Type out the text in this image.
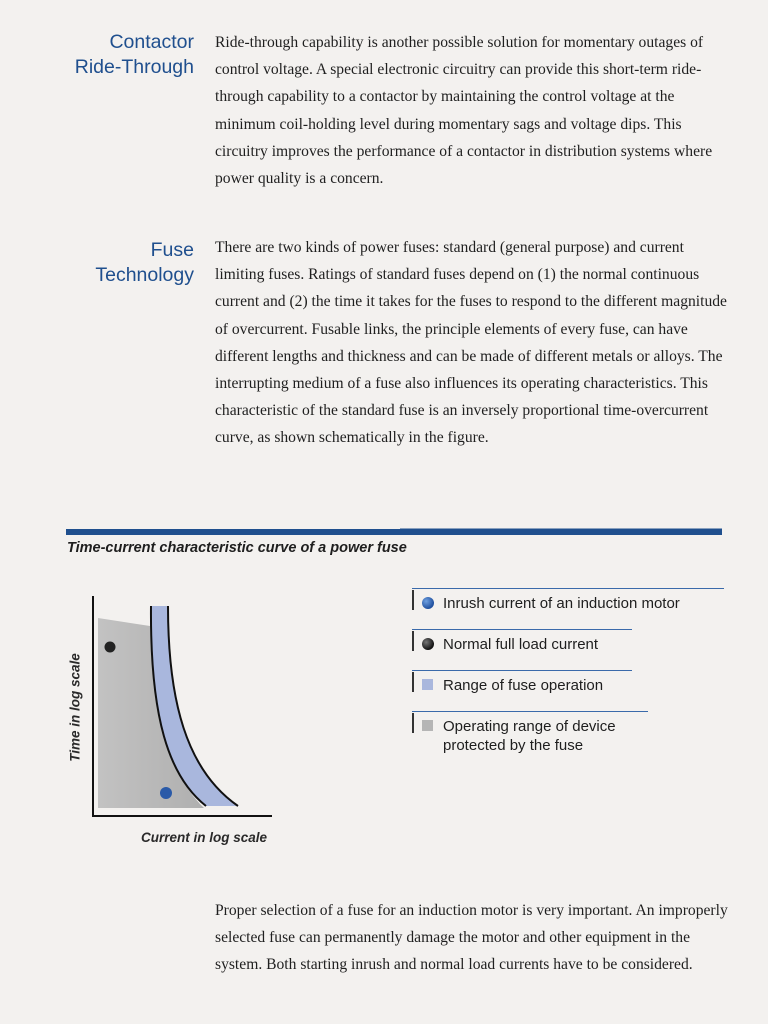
Contactor
Ride-Through

Ride-through capability is another possible solution for momentary outages of control voltage. A special electronic circuitry can provide this short-term ride-through capability to a contactor by maintaining the control voltage at the minimum coil-holding level during momentary sags and voltage dips. This circuitry improves the performance of a contactor in distribution systems where power quality is a concern.

Fuse
Technology

There are two kinds of power fuses: standard (general purpose) and current limiting fuses. Ratings of standard fuses depend on (1) the normal continuous current and (2) the time it takes for the fuses to respond to the different magnitude of overcurrent. Fusable links, the principle elements of every fuse, can have different lengths and thickness and can be made of different metals or alloys. The interrupting medium of a fuse also influences its operating characteristics. This characteristic of the standard fuse is an inversely proportional time-overcurrent curve, as shown schematically in the figure.

Time-current characteristic curve of a power fuse
Time in log scale
Current in log scale
Inrush current of an induction motor
Normal full load current
Range of fuse operation
Operating range of device protected by the fuse

Proper selection of a fuse for an induction motor is very important. An improperly selected fuse can permanently damage the motor and other equipment in the system. Both starting inrush and normal load currents have to be considered.
